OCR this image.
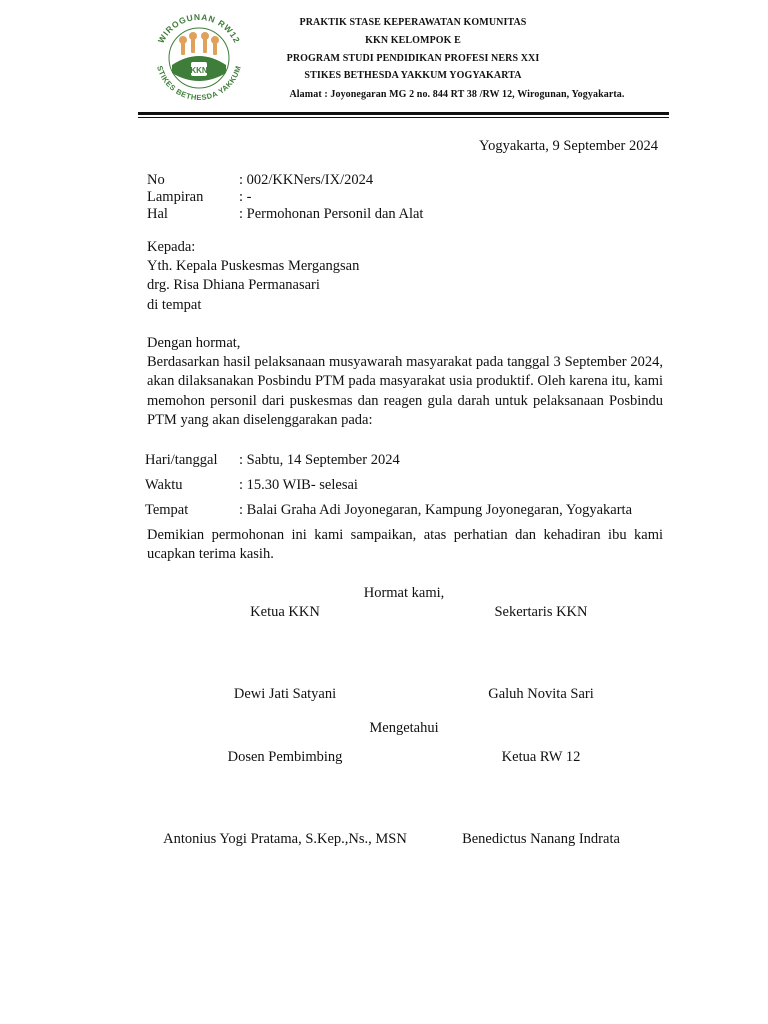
KKN
WIROGUNAN RW12
STIKES BETHESDA YAKKUM
PRAKTIK STASE KEPERAWATAN KOMUNITAS
KKN KELOMPOK E
PROGRAM STUDI PENDIDIKAN PROFESI NERS XXI
STIKES BETHESDA YAKKUM YOGYAKARTA
Alamat : Joyonegaran MG 2 no. 844 RT 38 /RW 12, Wirogunan, Yogyakarta.
Yogyakarta, 9 September 2024
No	: 002/KKNers/IX/2024
Lampiran : -
Hal	: Permohonan Personil dan Alat
Kepada:
Yth. Kepala Puskesmas Mergangsan
drg. Risa Dhiana Permanasari
di tempat
Dengan hormat,
Berdasarkan hasil pelaksanaan musyawarah masyarakat pada tanggal 3 September 2024, akan dilaksanakan Posbindu PTM pada masyarakat usia produktif. Oleh karena itu, kami memohon personil dari puskesmas dan reagen gula darah untuk pelaksanaan Posbindu PTM yang akan diselenggarakan pada:
Hari/tanggal : Sabtu, 14 September 2024
Waktu	: 15.30 WIB- selesai
Tempat	: Balai Graha Adi Joyonegaran, Kampung Joyonegaran, Yogyakarta
Demikian permohonan ini kami sampaikan, atas perhatian dan kehadiran ibu kami ucapkan terima kasih.
Hormat kami,
Ketua KKN	Sekertaris KKN
Dewi Jati Satyani	Galuh Novita Sari
Mengetahui
Dosen Pembimbing	Ketua RW 12
Antonius Yogi Pratama, S.Kep.,Ns., MSN	Benedictus Nanang Indrata
